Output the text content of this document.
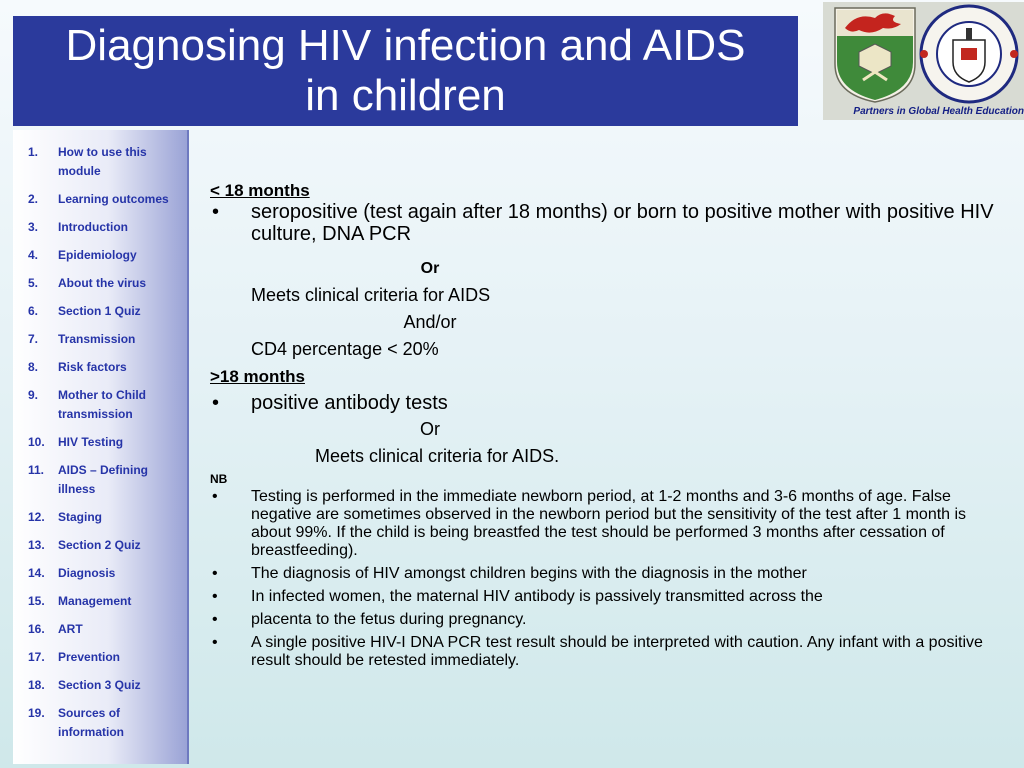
Diagnosing HIV infection and AIDS in children	Partners in Global Health Education
1. How to use this module
2. Learning outcomes
3. Introduction
4. Epidemiology
5. About the virus
6. Section 1 Quiz
7. Transmission
8. Risk factors
9. Mother to Child transmission
10. HIV Testing
11. AIDS – Defining illness
12. Staging
13. Section 2 Quiz
14. Diagnosis
15. Management
16. ART
17. Prevention
18. Section 3 Quiz
19. Sources of information

< 18 months

• seropositive (test again after 18 months) or born to positive mother with positive HIV culture, DNA PCR
Or
Meets clinical criteria for AIDS
And/or
CD4 percentage < 20%

>18 months

• positive antibody tests
Or
Meets clinical criteria for AIDS.
NB
• Testing is performed in the immediate newborn period, at 1-2 months and 3-6 months of age. False negative are sometimes observed in the newborn period but the sensitivity of the test after 1 month is about 99%. If the child is being breastfed the test should be performed 3 months after cessation of breastfeeding).
• The diagnosis of HIV amongst children begins with the diagnosis in the mother
• In infected women, the maternal HIV antibody is passively transmitted across the
• placenta to the fetus during pregnancy.
• A single positive HIV-I DNA PCR test result should be interpreted with caution. Any infant with a positive result should be retested immediately.
